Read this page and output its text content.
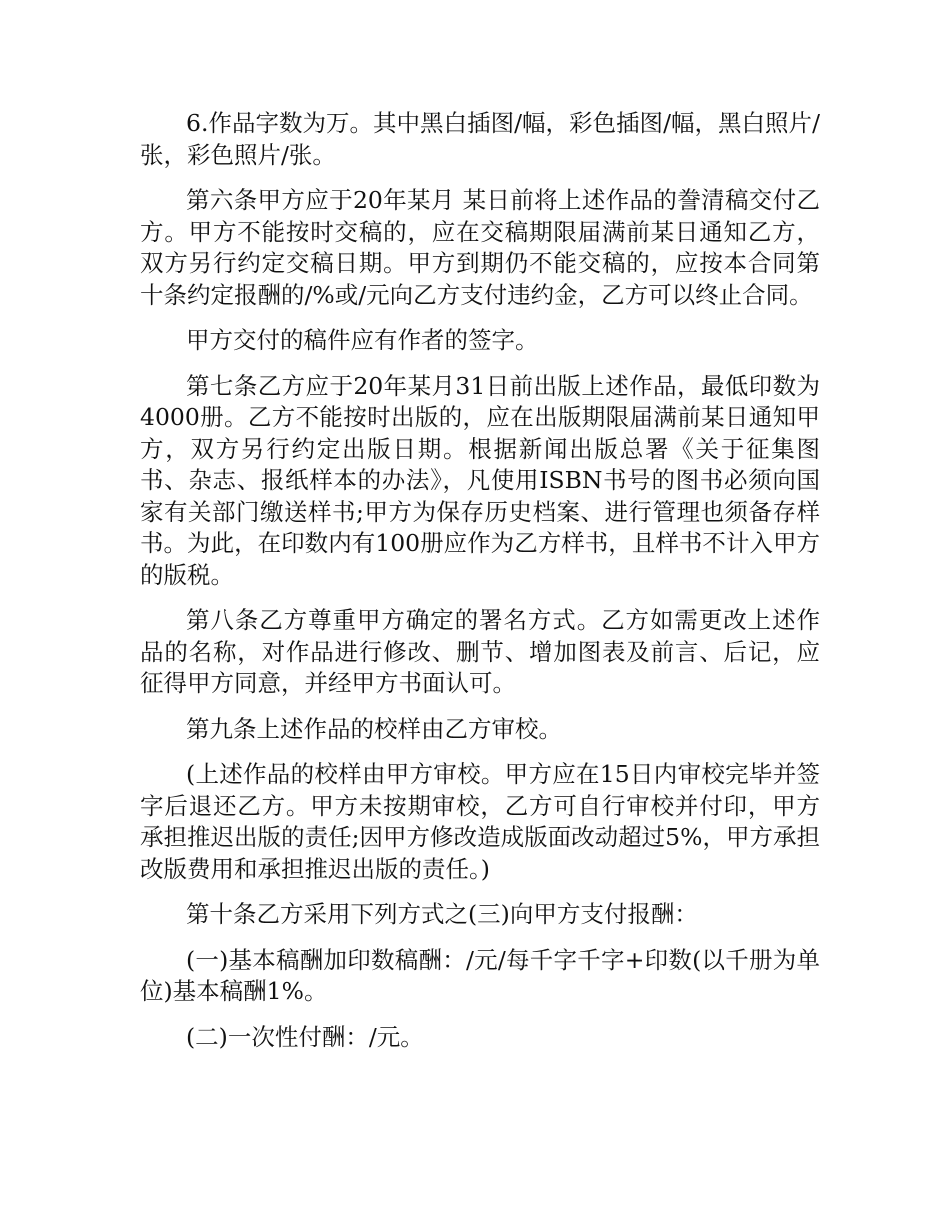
6.作品字数为万。其中黑白插图/幅，彩色插图/幅，黑白照片/张，彩色照片/张。

第六条甲方应于20年某月 某日前将上述作品的誊清稿交付乙方。甲方不能按时交稿的，应在交稿期限届满前某日通知乙方，双方另行约定交稿日期。甲方到期仍不能交稿的，应按本合同第十条约定报酬的/%或/元向乙方支付违约金，乙方可以终止合同。

甲方交付的稿件应有作者的签字。

第七条乙方应于20年某月31日前出版上述作品，最低印数为4000册。乙方不能按时出版的，应在出版期限届满前某日通知甲方，双方另行约定出版日期。根据新闻出版总署《关于征集图书、杂志、报纸样本的办法》，凡使用ISBN书号的图书必须向国家有关部门缴送样书;甲方为保存历史档案、进行管理也须备存样书。为此，在印数内有100册应作为乙方样书，且样书不计入甲方的版税。

第八条乙方尊重甲方确定的署名方式。乙方如需更改上述作品的名称，对作品进行修改、删节、增加图表及前言、后记，应征得甲方同意，并经甲方书面认可。

第九条上述作品的校样由乙方审校。

(上述作品的校样由甲方审校。甲方应在15日内审校完毕并签字后退还乙方。甲方未按期审校，乙方可自行审校并付印，甲方承担推迟出版的责任;因甲方修改造成版面改动超过5%，甲方承担改版费用和承担推迟出版的责任。)

第十条乙方采用下列方式之(三)向甲方支付报酬：

(一)基本稿酬加印数稿酬：/元/每千字千字+印数(以千册为单位)基本稿酬1%。

(二)一次性付酬：/元。
